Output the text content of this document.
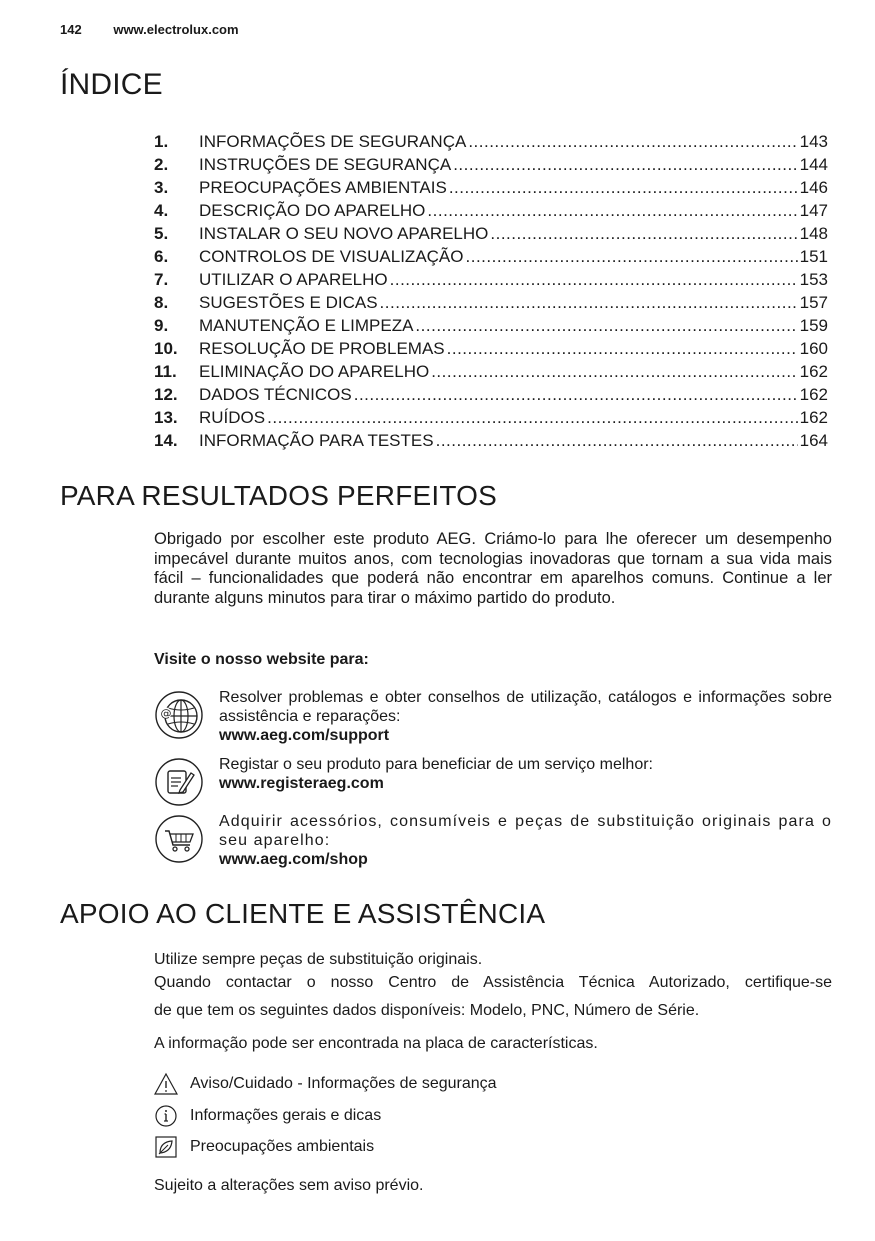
142 www.electrolux.com
ÍNDICE
1.	INFORMAÇÕES DE SEGURANÇA .....	143
2.	INSTRUÇÕES DE SEGURANÇA .....	144
3.	PREOCUPAÇÕES AMBIENTAIS .....	146
4.	DESCRIÇÃO DO APARELHO .....	147
5.	INSTALAR O SEU NOVO APARELHO .....	148
6.	CONTROLOS DE VISUALIZAÇÃO .....	151
7.	UTILIZAR O APARELHO .....	153
8.	SUGESTÕES E DICAS .....	157
9.	MANUTENÇÃO E LIMPEZA .....	159
10.	RESOLUÇÃO DE PROBLEMAS .....	160
11.	ELIMINAÇÃO DO APARELHO .....	162
12.	DADOS TÉCNICOS .....	162
13.	RUÍDOS .....	162
14.	INFORMAÇÃO PARA TESTES .....	164
PARA RESULTADOS PERFEITOS

Obrigado por escolher este produto AEG. Criámo-lo para lhe oferecer um desempenho impecável durante muitos anos, com tecnologias inovadoras que tornam a sua vida mais fácil – funcionalidades que poderá não encontrar em aparelhos comuns. Continue a ler durante alguns minutos para tirar o máximo partido do produto.

Visite o nosso website para:
@
Resolver problemas e obter conselhos de utilização, catálogos e informações sobre assistência e reparações:
www.aeg.com/support
Registar o seu produto para beneficiar de um serviço melhor:
www.registeraeg.com
Adquirir acessórios, consumíveis e peças de substituição originais para o seu aparelho:
www.aeg.com/shop
APOIO AO CLIENTE E ASSISTÊNCIA

Utilize sempre peças de substituição originais.

Quando contactar o nosso Centro de Assistência Técnica Autorizado, certifique-se

de que tem os seguintes dados disponíveis: Modelo, PNC, Número de Série.

A informação pode ser encontrada na placa de características.

Aviso/Cuidado - Informações de segurança
Informações gerais e dicas
Preocupações ambientais
Sujeito a alterações sem aviso prévio.
